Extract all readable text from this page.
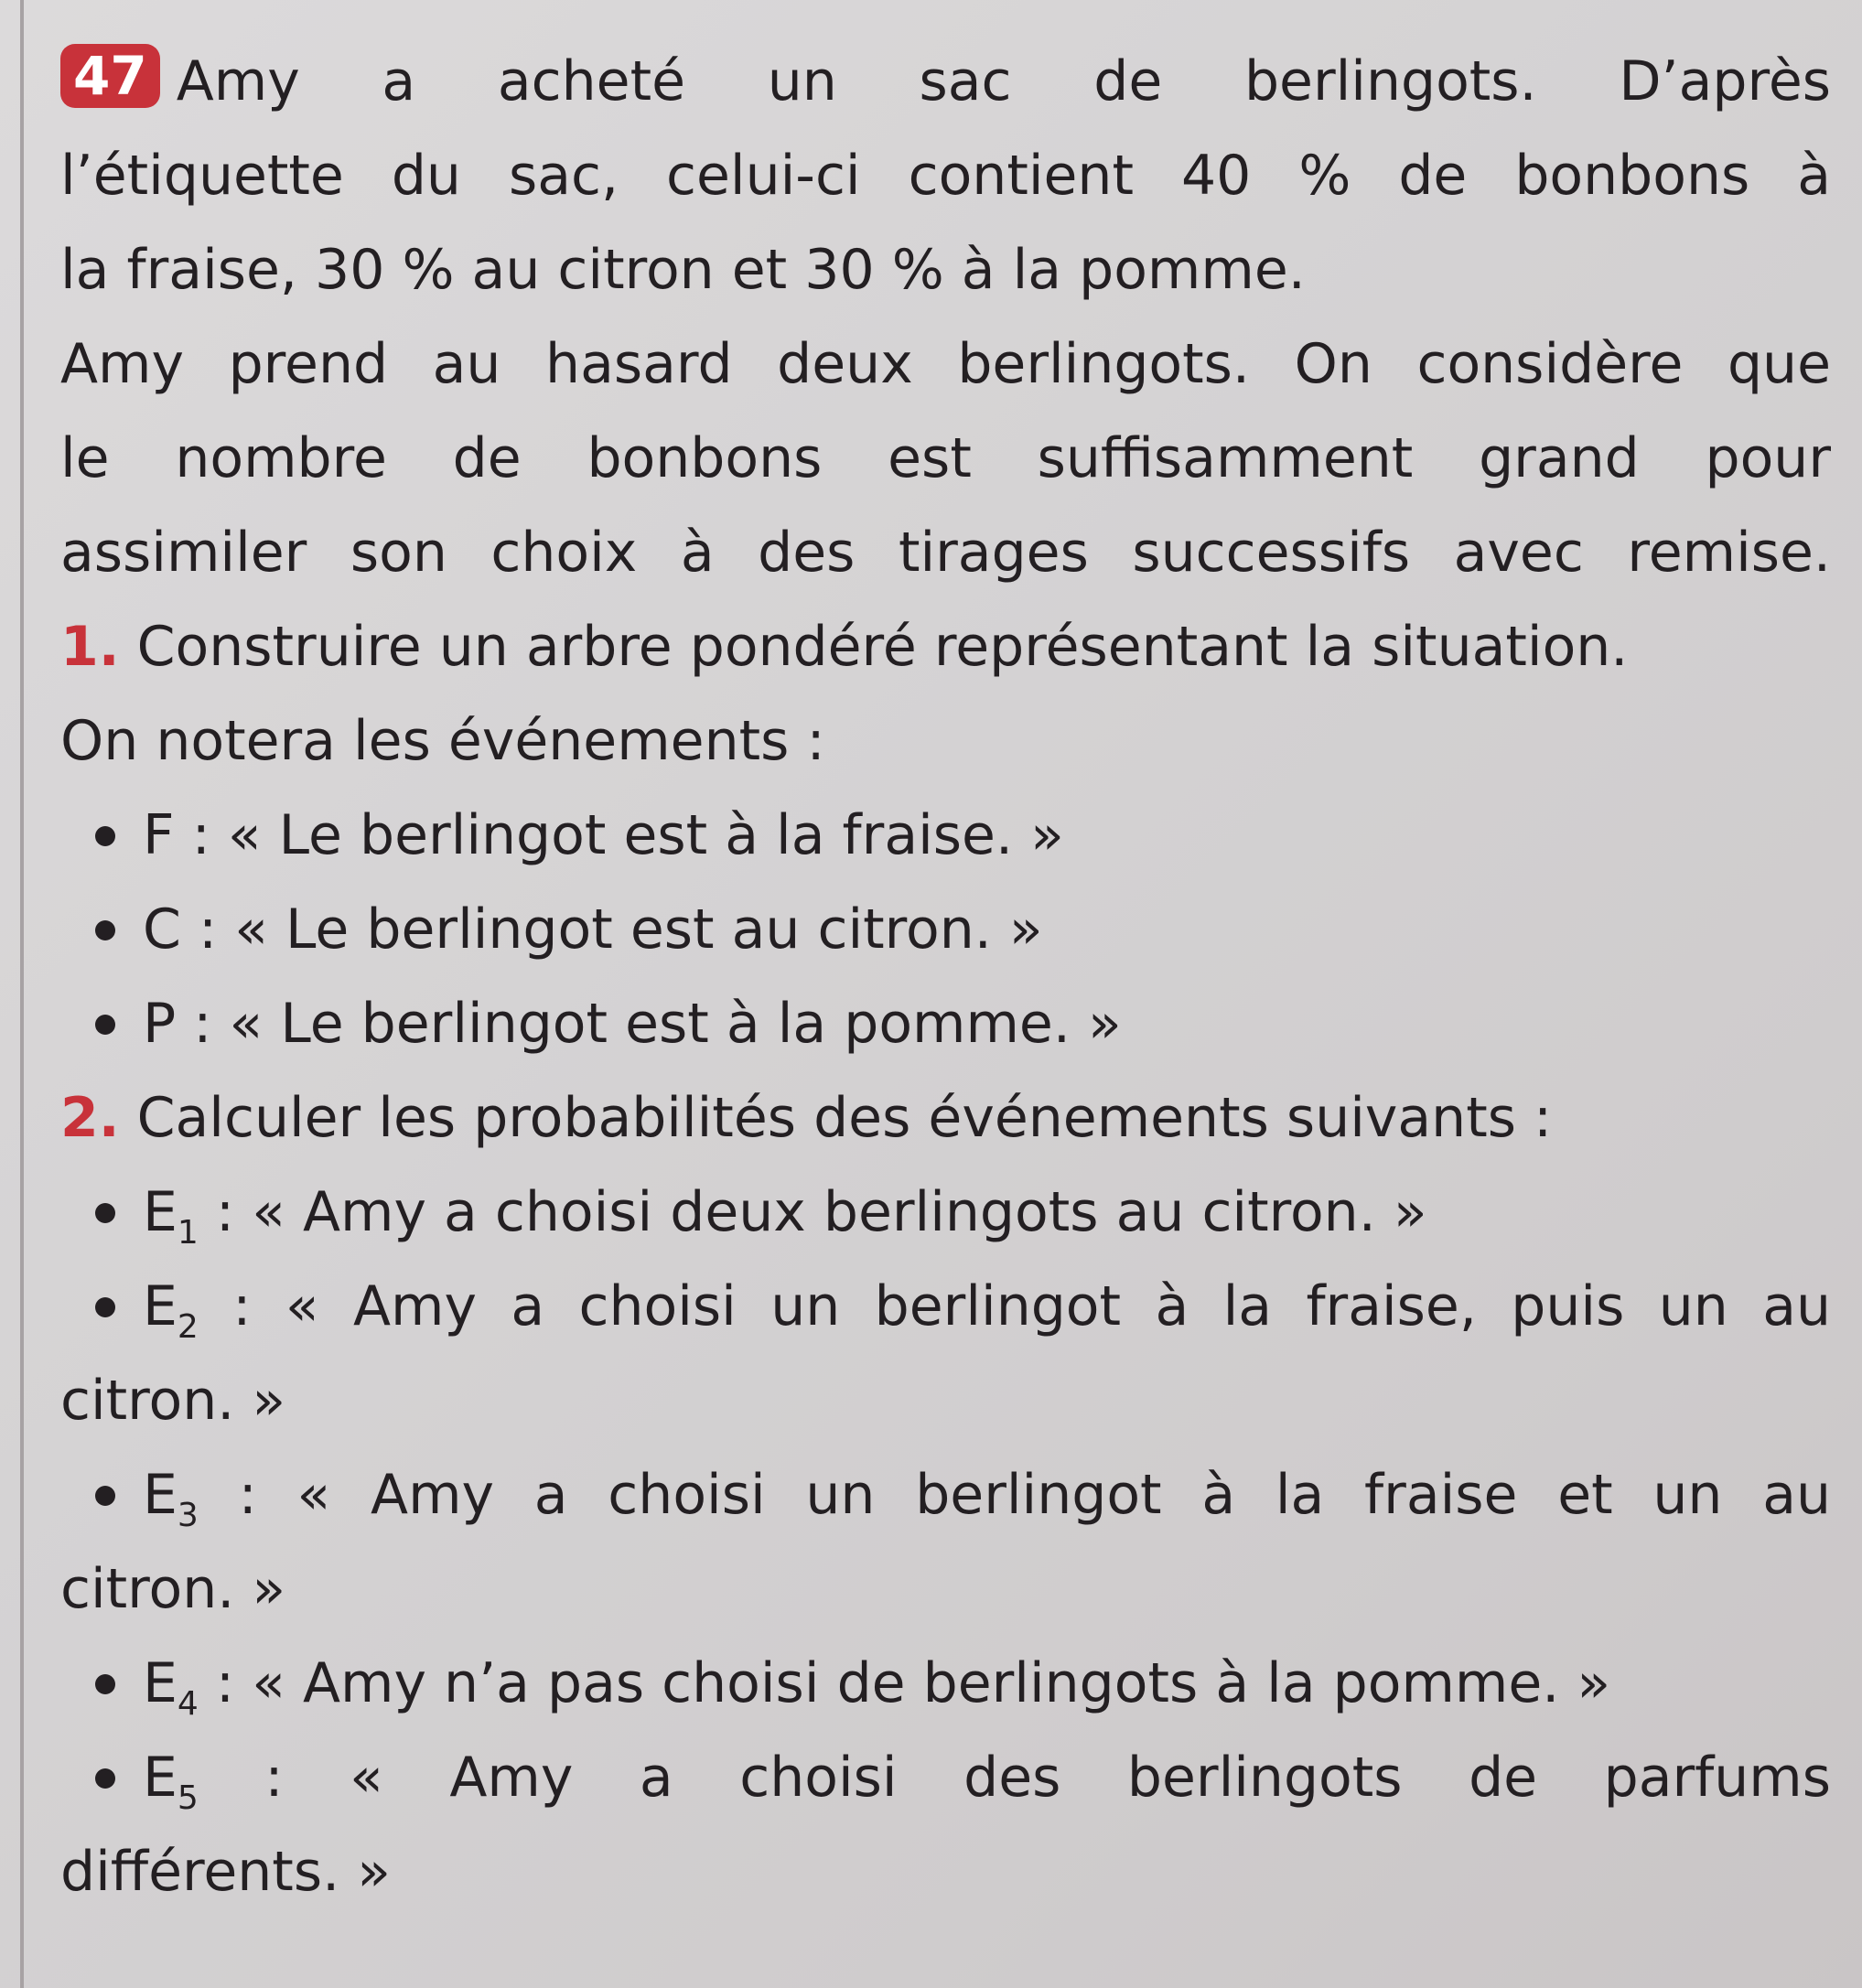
47 Amy a acheté un sac de berlingots. D’après
l’étiquette du sac, celui-ci contient 40 % de bonbons à
la fraise, 30 % au citron et 30 % à la pomme.
Amy prend au hasard deux berlingots. On considère que
le nombre de bonbons est suffisamment grand pour
assimiler son choix à des tirages successifs avec remise.
1. Construire un arbre pondéré représentant la situation.
On notera les événements :
F : « Le berlingot est à la fraise. »
C : « Le berlingot est au citron. »
P : « Le berlingot est à la pomme. »
2. Calculer les probabilités des événements suivants :
$E_1$ : « Amy a choisi deux berlingots au citron. »
$E_2$ : « Amy a choisi un berlingot à la fraise, puis un au
citron. »
$E_3$ : « Amy a choisi un berlingot à la fraise et un au
citron. »
$E_4$ : « Amy n’a pas choisi de berlingots à la pomme. »
$E_5$ : « Amy a choisi des berlingots de parfums
différents. »
